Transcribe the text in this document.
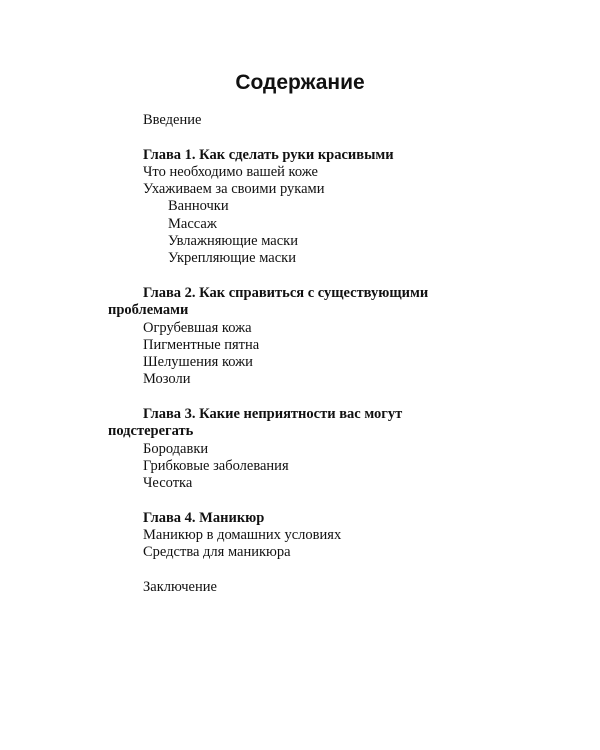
Содержание
Введение
Глава 1. Как сделать руки красивыми
Что необходимо вашей коже
Ухаживаем за своими руками
Ванночки
Массаж
Увлажняющие маски
Укрепляющие маски
Глава 2. Как справиться с существующими проблемами
Огрубевшая кожа
Пигментные пятна
Шелушения кожи
Мозоли
Глава 3. Какие неприятности вас могут подстерегать
Бородавки
Грибковые заболевания
Чесотка
Глава 4. Маникюр
Маникюр в домашних условиях
Средства для маникюра
Заключение
